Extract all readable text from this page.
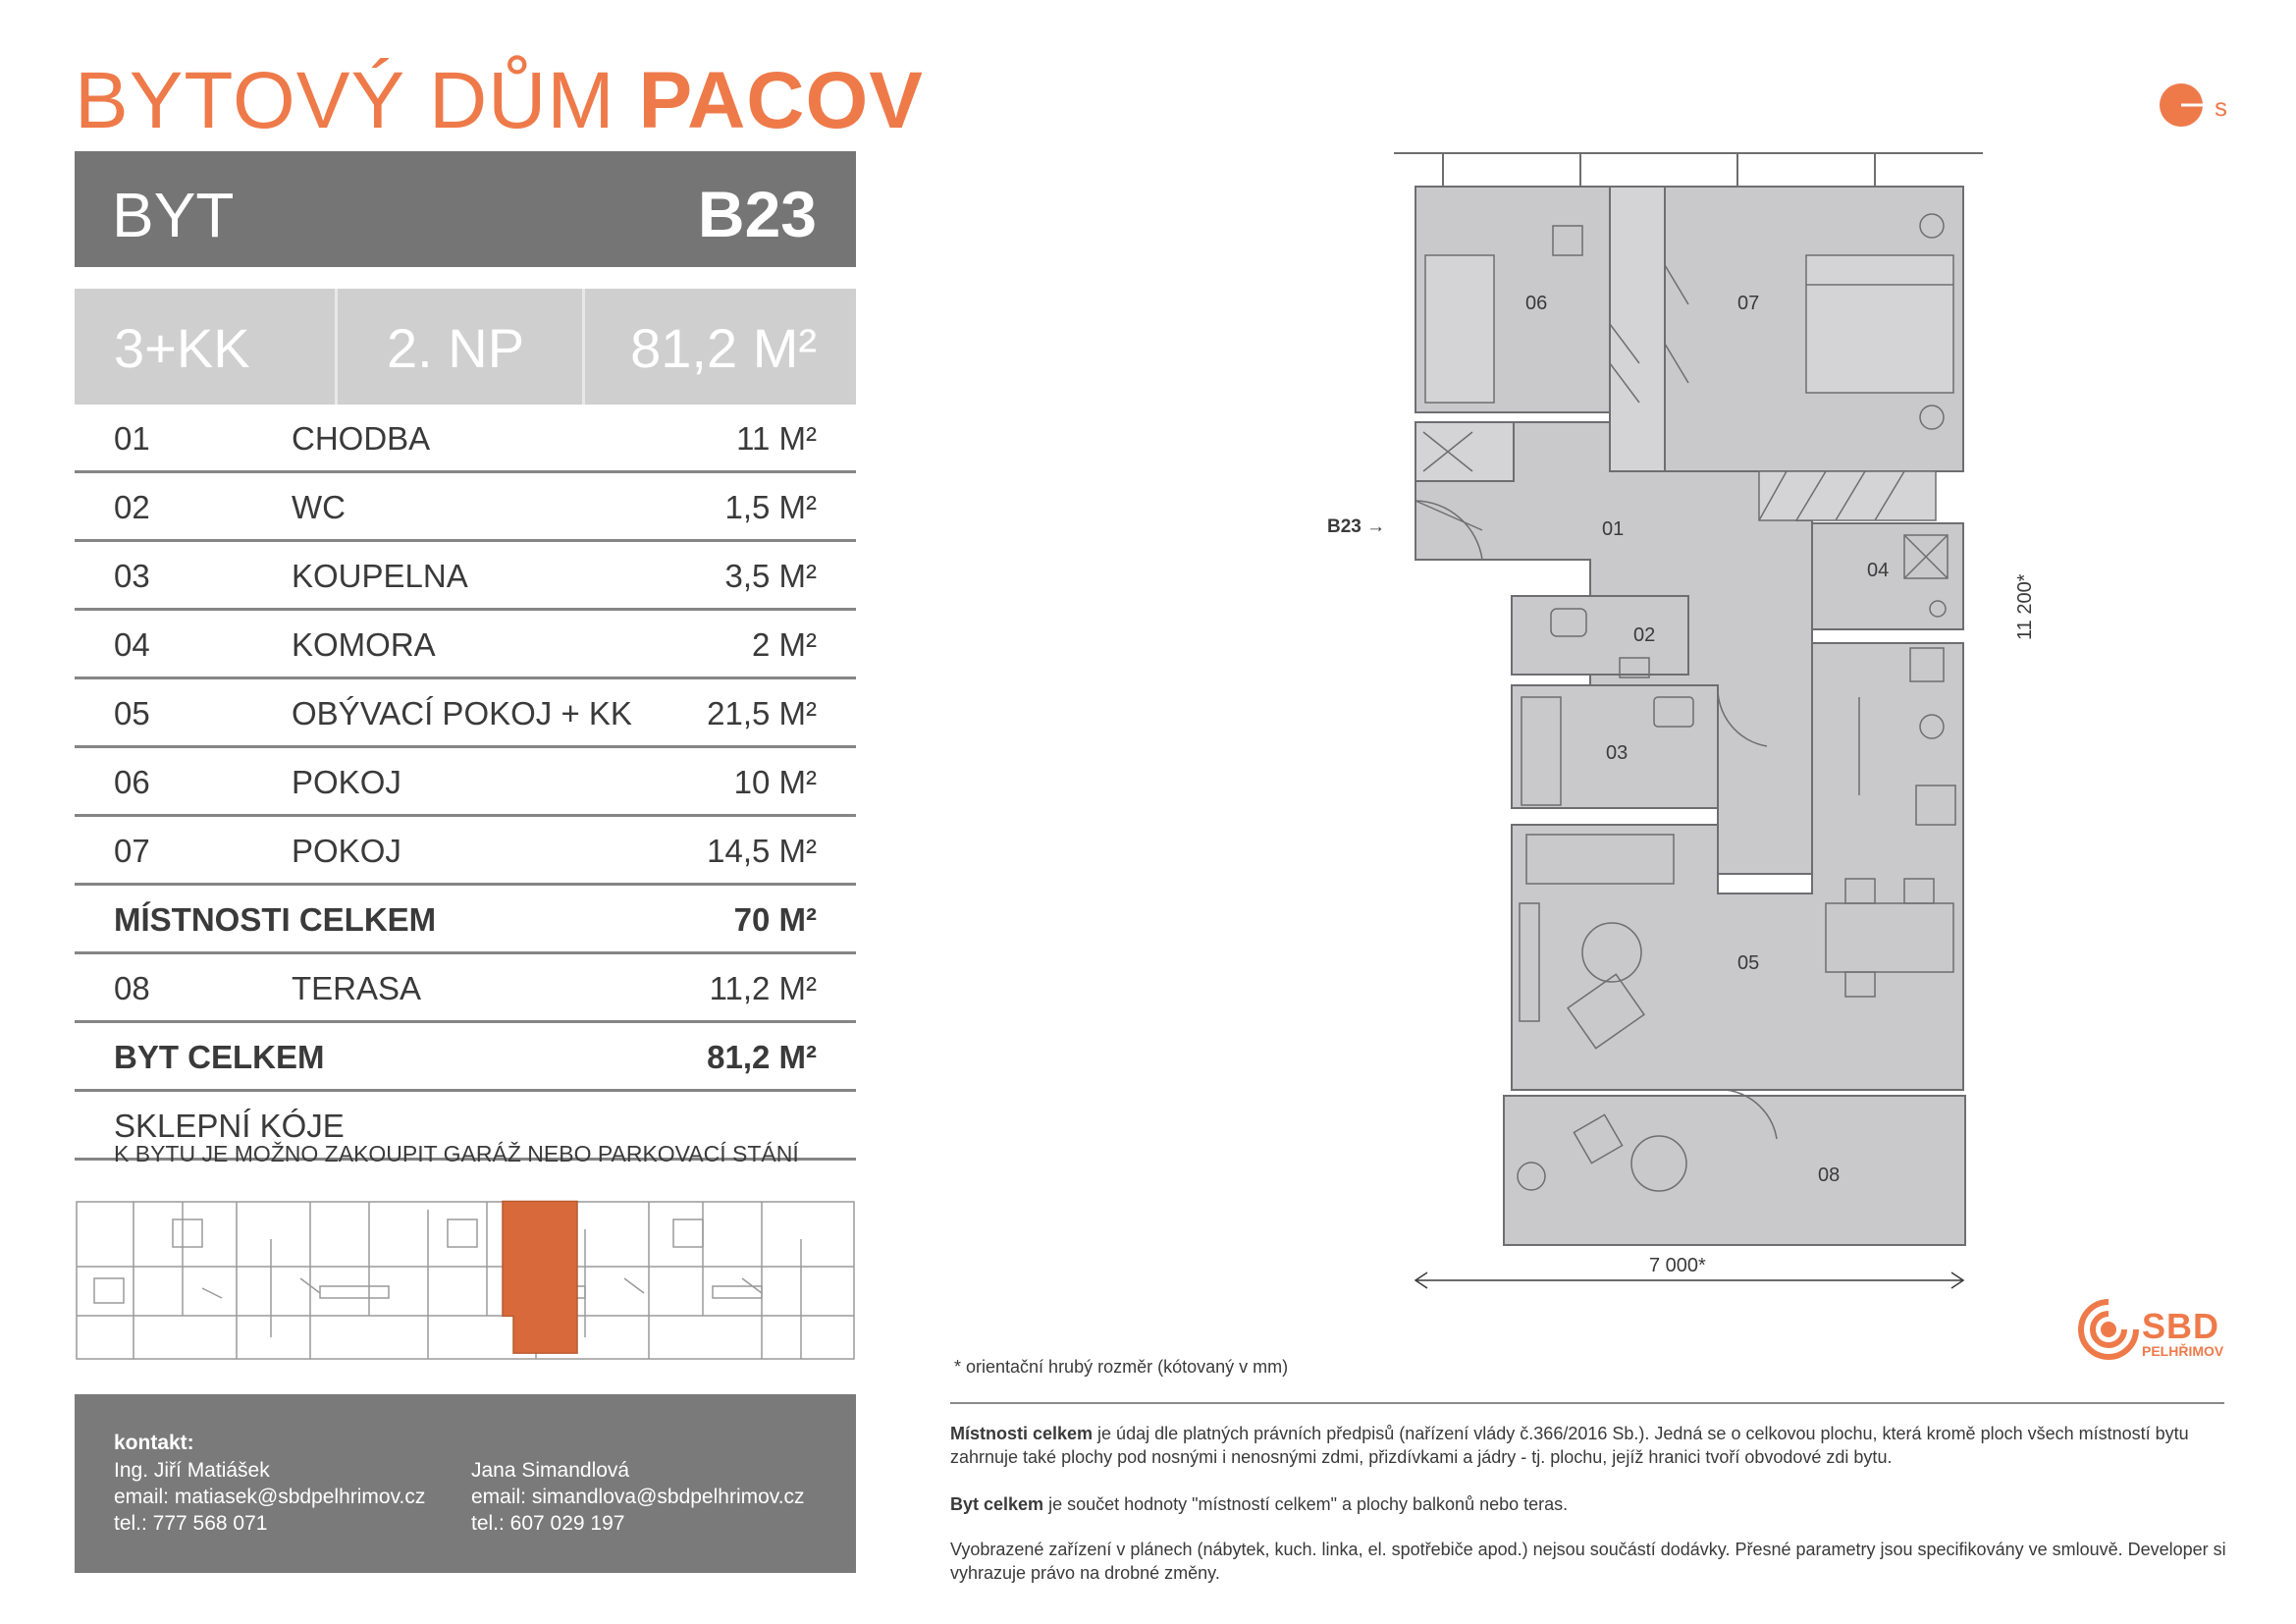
BYTOVÝ DŮM PACOV
BYT	B23
3+KK 2. NP 81,2 M²
01	CHODBA	11 M²
02	WC	1,5 M²
03	KOUPELNA	3,5 M²
04	KOMORA	2 M²
05	OBÝVACÍ POKOJ + KK 21,5 M²
06	POKOJ	10 M²
07	POKOJ	14,5 M²
MÍSTNOSTI CELKEM	70 M²
08	TERASA	11,2 M²
BYT CELKEM	81,2 M²
SKLEPNÍ KÓJE
K BYTU JE MOŽNO ZAKOUPIT GARÁŽ NEBO PARKOVACÍ STÁNÍ
kontakt:
Ing. Jiří Matiášek
email: matiasek@sbdpelhrimov.cz
tel.: 777 568 071
Jana Simandlová
email: simandlova@sbdpelhrimov.cz
tel.: 607 029 197
s
B23 →
06	07
01
02
03
04
05
08
7 000*
11 200*
SBD
PELHŘIMOV
* orientační hrubý rozměr (kótovaný v mm)
Místnosti celkem je údaj dle platných právních předpisů (nařízení vlády č.366/2016 Sb.). Jedná se o celkovou plochu, která kromě ploch všech místností bytu zahrnuje také plochy pod nosnými i nenosnými zdmi, přizdívkami a jádry - tj. plochu, jejíž hranici tvoří obvodové zdi bytu.
Byt celkem je součet hodnoty "místností celkem" a plochy balkonů nebo teras.
Vyobrazené zařízení v plánech (nábytek, kuch. linka, el. spotřebiče apod.) nejsou součástí dodávky. Přesné parametry jsou specifikovány ve smlouvě. Developer si vyhrazuje právo na drobné změny.
